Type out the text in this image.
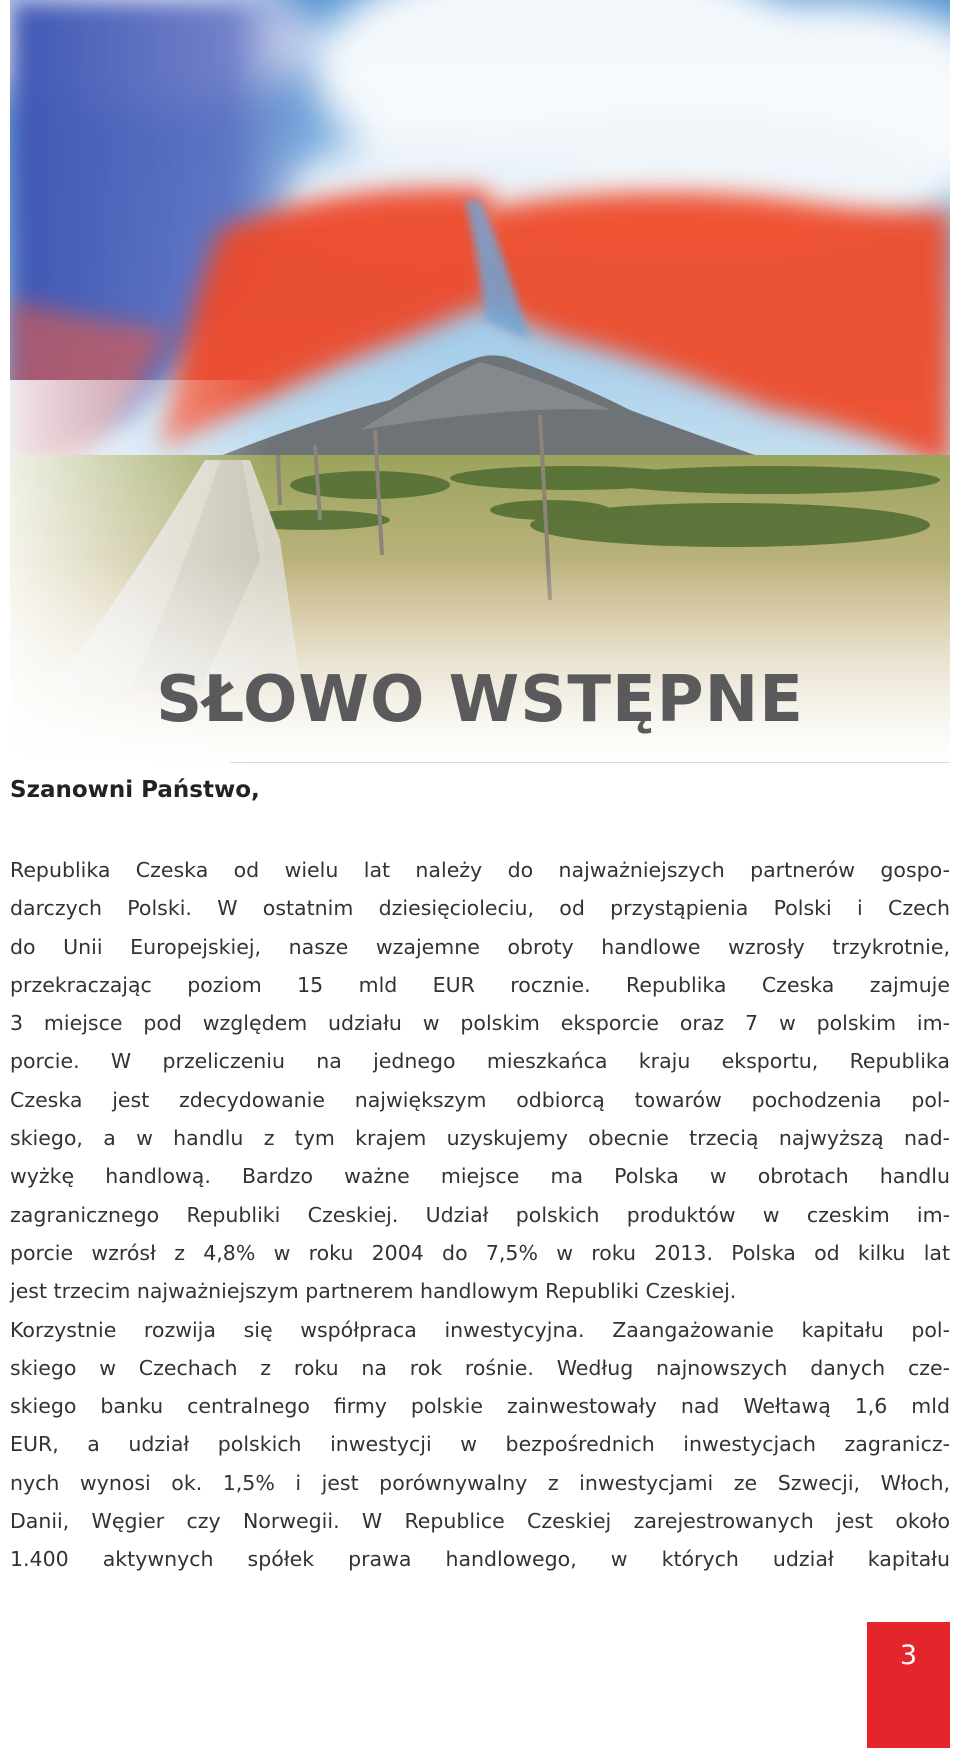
SŁOWO WSTĘPNE

Szanowni Państwo,

Republika Czeska od wielu lat należy do najważniejszych partnerów gospo-
darczych Polski. W ostatnim dziesięcioleciu, od przystąpienia Polski i Czech
do Unii Europejskiej, nasze wzajemne obroty handlowe wzrosły trzykrotnie,
przekraczając poziom 15 mld EUR rocznie. Republika Czeska zajmuje
3 miejsce pod względem udziału w polskim eksporcie oraz 7 w polskim im-
porcie. W przeliczeniu na jednego mieszkańca kraju eksportu, Republika
Czeska jest zdecydowanie największym odbiorcą towarów pochodzenia pol-
skiego, a w handlu z tym krajem uzyskujemy obecnie trzecią najwyższą nad-
wyżkę handlową. Bardzo ważne miejsce ma Polska w obrotach handlu
zagranicznego Republiki Czeskiej. Udział polskich produktów w czeskim im-
porcie wzrósł z 4,8% w roku 2004 do 7,5% w roku 2013. Polska od kilku lat
jest trzecim najważniejszym partnerem handlowym Republiki Czeskiej.
Korzystnie rozwija się współpraca inwestycyjna. Zaangażowanie kapitału pol-
skiego w Czechach z roku na rok rośnie. Według najnowszych danych cze-
skiego banku centralnego firmy polskie zainwestowały nad Wełtawą 1,6 mld
EUR, a udział polskich inwestycji w bezpośrednich inwestycjach zagranicz-
nych wynosi ok. 1,5% i jest porównywalny z inwestycjami ze Szwecji, Włoch,
Danii, Węgier czy Norwegii. W Republice Czeskiej zarejestrowanych jest około
1.400 aktywnych spółek prawa handlowego, w których udział kapitału
3
